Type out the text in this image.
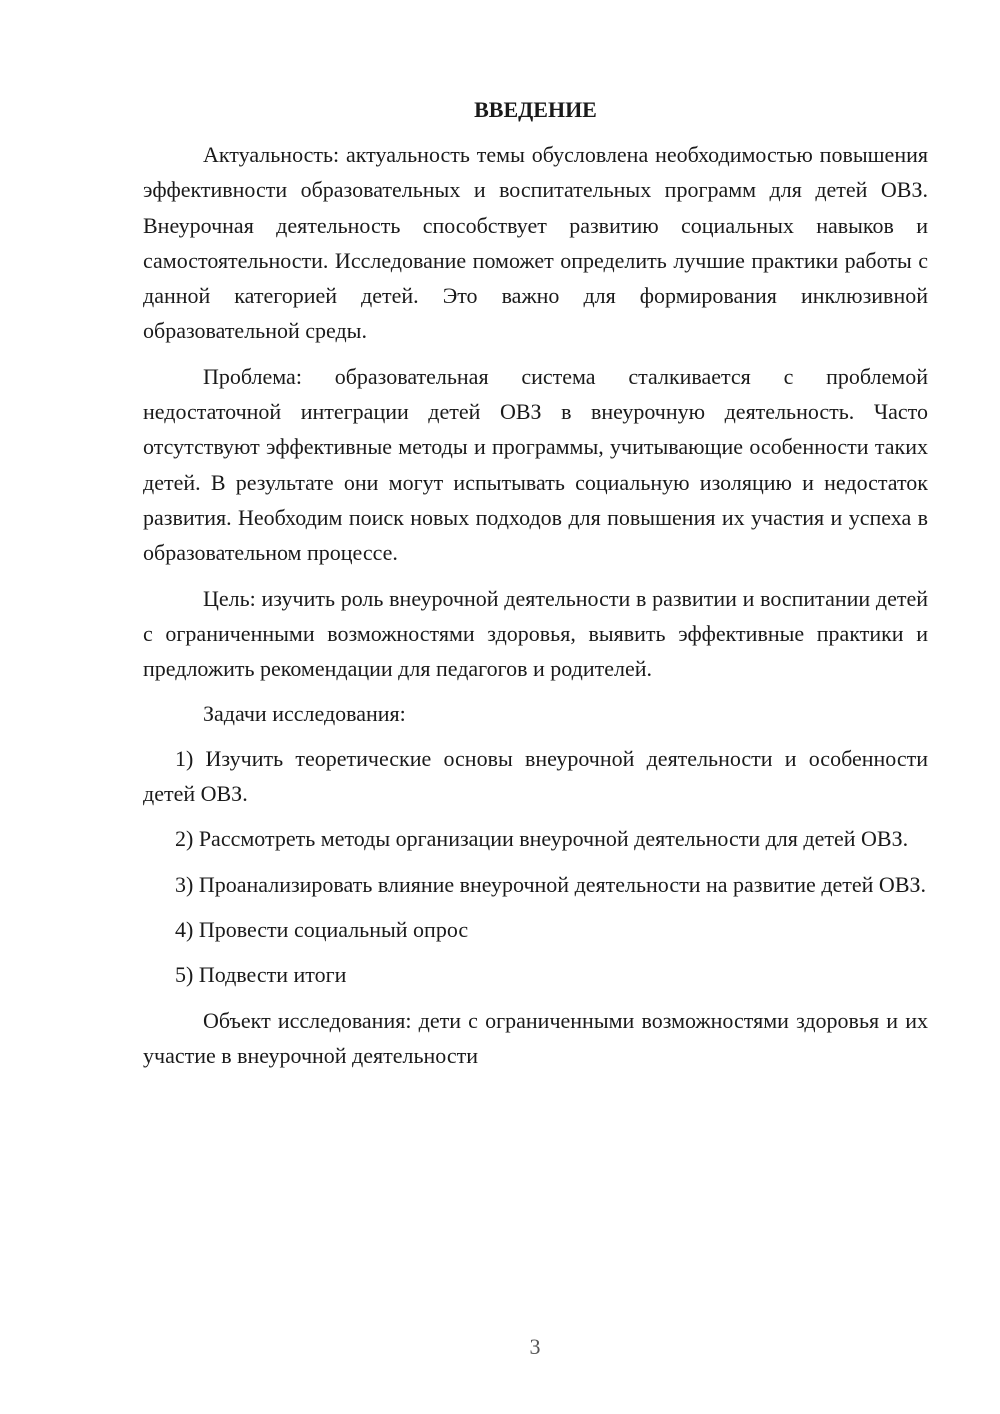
ВВЕДЕНИЕ

Актуальность: актуальность темы обусловлена необходимостью повышения эффективности образовательных и воспитательных программ для детей ОВЗ. Внеурочная деятельность способствует развитию социальных навыков и самостоятельности. Исследование поможет определить лучшие практики работы с данной категорией детей. Это важно для формирования инклюзивной образовательной среды.

Проблема: образовательная система сталкивается с проблемой недостаточной интеграции детей ОВЗ в внеурочную деятельность. Часто отсутствуют эффективные методы и программы, учитывающие особенности таких детей. В результате они могут испытывать социальную изоляцию и недостаток развития. Необходим поиск новых подходов для повышения их участия и успеха в образовательном процессе.

Цель: изучить роль внеурочной деятельности в развитии и воспитании детей с ограниченными возможностями здоровья, выявить эффективные практики и предложить рекомендации для педагогов и родителей.

Задачи исследования:

1) Изучить теоретические основы внеурочной деятельности и особенности детей ОВЗ.

2) Рассмотреть методы организации внеурочной деятельности для детей ОВЗ.

3) Проанализировать влияние внеурочной деятельности на развитие детей ОВЗ.

4) Провести социальный опрос

5) Подвести итоги

Объект исследования: дети с ограниченными возможностями здоровья и их участие в внеурочной деятельности

3
